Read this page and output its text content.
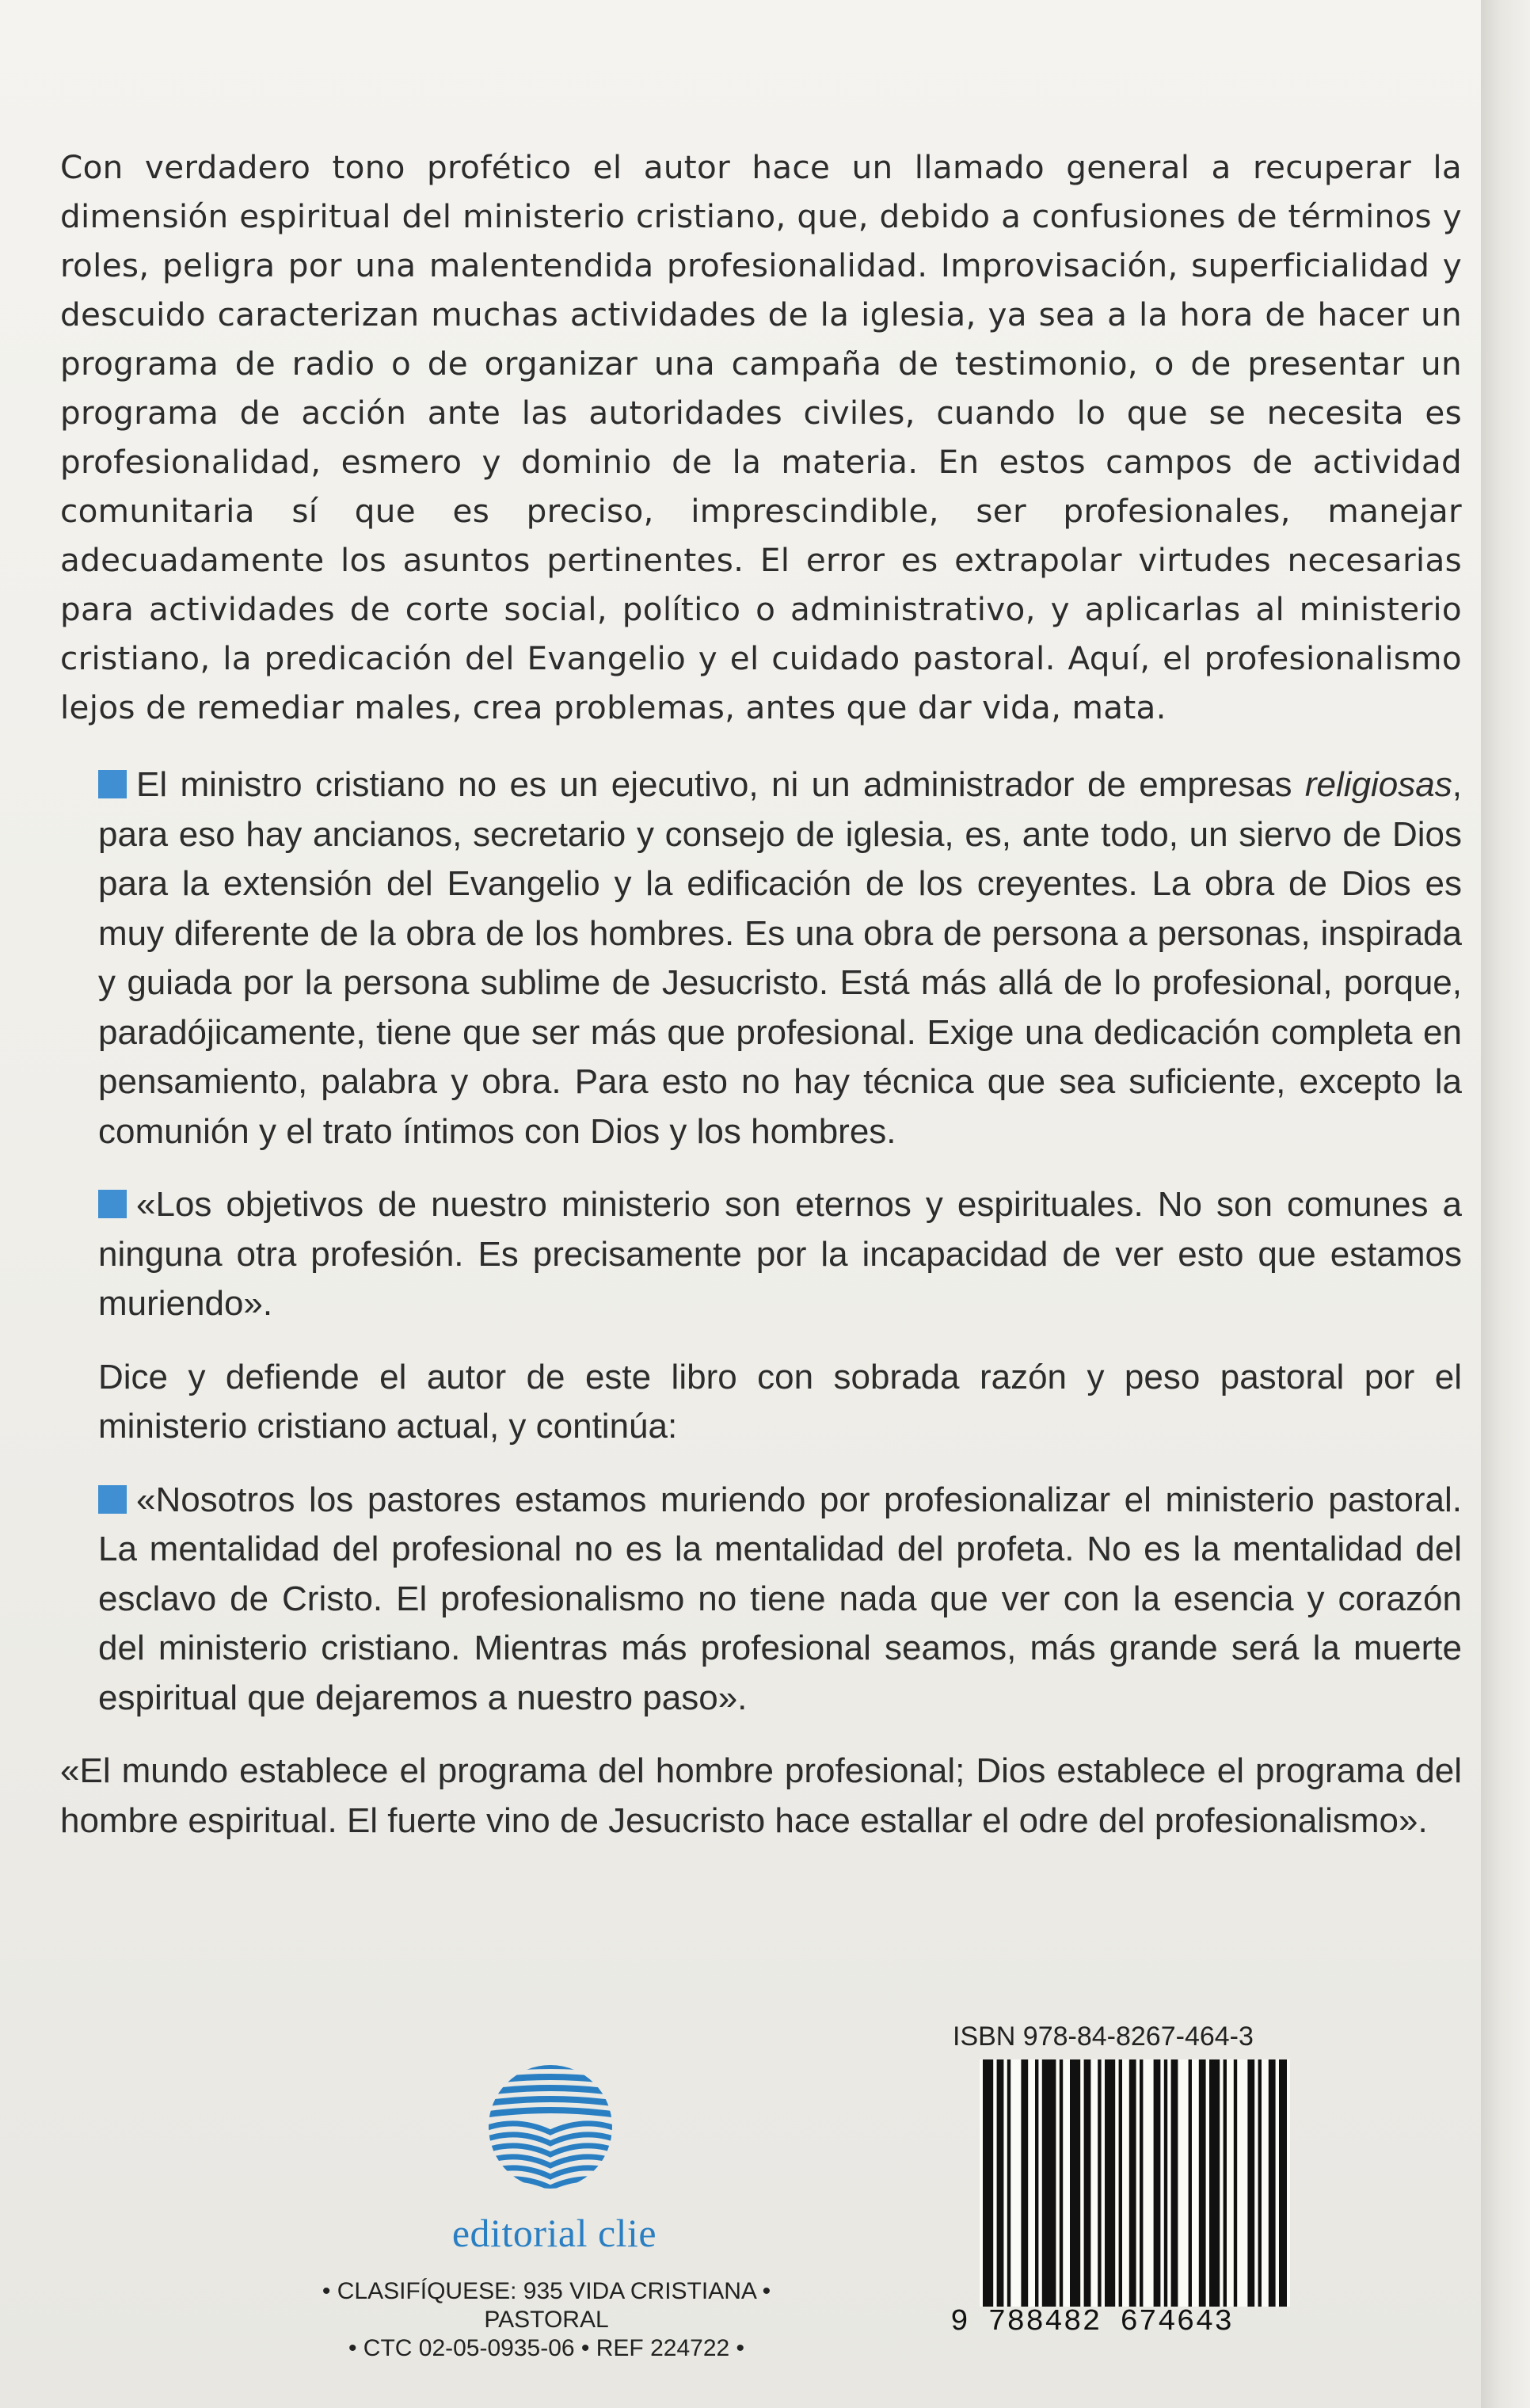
Con verdadero tono profético el autor hace un llamado general a recuperar la dimensión espiritual del ministerio cristiano, que, debido a confusiones de términos y roles, peligra por una malentendida profesionalidad. Improvisación, superficialidad y descuido caracterizan muchas actividades de la iglesia, ya sea a la hora de hacer un programa de radio o de organizar una campaña de testimonio, o de presentar un programa de acción ante las autoridades civiles, cuando lo que se necesita es profesionalidad, esmero y dominio de la materia. En estos campos de actividad comunitaria sí que es preciso, imprescindible, ser profesionales, manejar adecuadamente los asuntos pertinentes. El error es extrapolar virtudes necesarias para actividades de corte social, político o administrativo, y aplicarlas al ministerio cristiano, la predicación del Evangelio y el cuidado pastoral. Aquí, el profesionalismo lejos de remediar males, crea problemas, antes que dar vida, mata.

El ministro cristiano no es un ejecutivo, ni un administrador de empresas religiosas, para eso hay ancianos, secretario y consejo de iglesia, es, ante todo, un siervo de Dios para la extensión del Evangelio y la edificación de los creyentes. La obra de Dios es muy diferente de la obra de los hombres. Es una obra de persona a personas, inspirada y guiada por la persona sublime de Jesucristo. Está más allá de lo profesional, porque, paradójicamente, tiene que ser más que profesional. Exige una dedicación completa en pensamiento, palabra y obra. Para esto no hay técnica que sea suficiente, excepto la comunión y el trato íntimos con Dios y los hombres.

«Los objetivos de nuestro ministerio son eternos y espirituales. No son comunes a ninguna otra profesión. Es precisamente por la incapacidad de ver esto que estamos muriendo».

Dice y defiende el autor de este libro con sobrada razón y peso pastoral por el ministerio cristiano actual, y continúa:

«Nosotros los pastores estamos muriendo por profesionalizar el ministerio pastoral. La mentalidad del profesional no es la mentalidad del profeta. No es la mentalidad del esclavo de Cristo. El profesionalismo no tiene nada que ver con la esencia y corazón del ministerio cristiano. Mientras más profesional seamos, más grande será la muerte espiritual que dejaremos a nuestro paso».

«El mundo establece el programa del hombre profesional; Dios establece el programa del hombre espiritual. El fuerte vino de Jesucristo hace estallar el odre del profesionalismo».

editorial clie
• CLASIFÍQUESE: 935 VIDA CRISTIANA •
PASTORAL
• CTC 02-05-0935-06 • REF 224722 •
ISBN 978-84-8267-464-3
9 788482 674643
